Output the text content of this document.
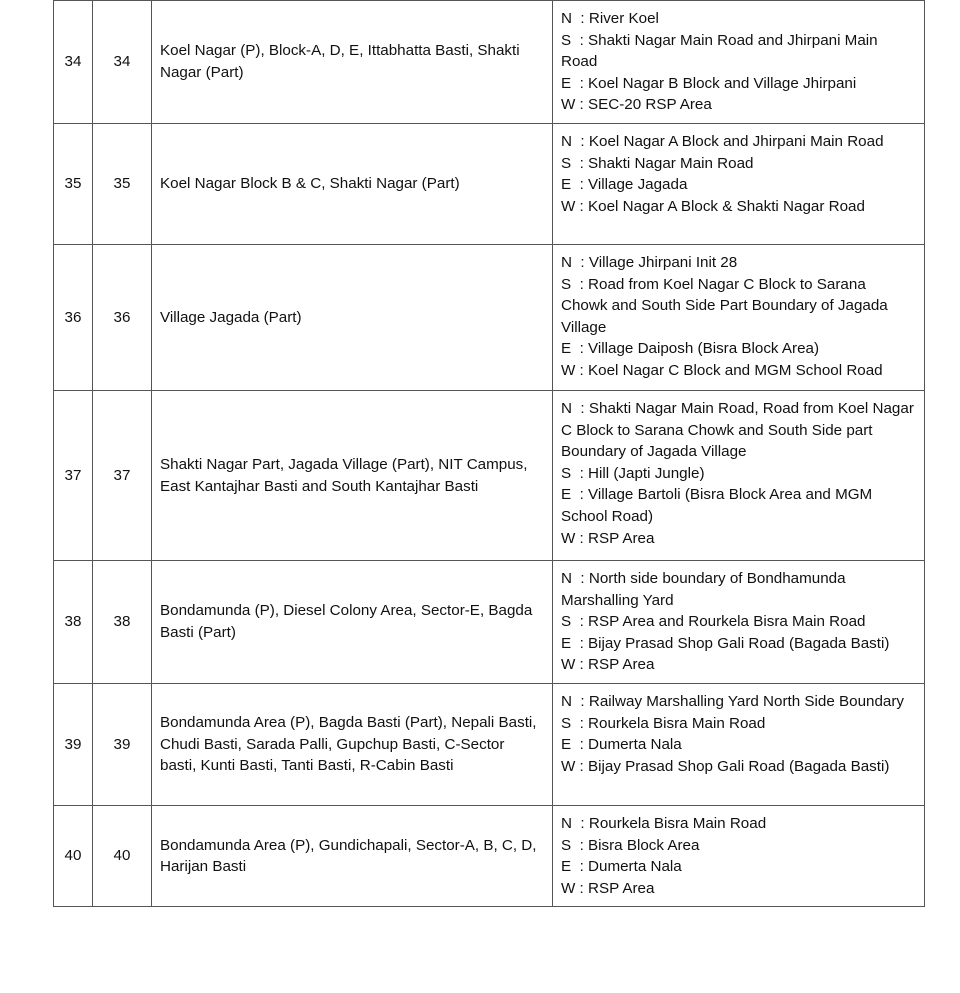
34	34	Koel Nagar (P), Block-A, D, E, Ittabhatta Basti, Shakti Nagar (Part)	N  : River Koel
S  : Shakti Nagar Main Road and Jhirpani Main Road
E  : Koel Nagar B Block and Village Jhirpani
W : SEC-20 RSP Area

35	35	Koel Nagar Block B & C, Shakti Nagar (Part)	N  : Koel Nagar A Block and Jhirpani Main Road
S  : Shakti Nagar Main Road
E  : Village Jagada
W : Koel Nagar A Block & Shakti Nagar Road

36	36	Village Jagada (Part)	N  : Village Jhirpani Init 28
S  : Road from Koel Nagar C Block to Sarana Chowk and South Side Part Boundary of Jagada Village
E  : Village Daiposh (Bisra Block Area)
W : Koel Nagar C Block and MGM School Road

37	37	Shakti Nagar Part, Jagada Village (Part), NIT Campus, East Kantajhar Basti and South Kantajhar Basti	N  : Shakti Nagar Main Road, Road from Koel Nagar C Block to Sarana Chowk and South Side part Boundary of Jagada Village
S  : Hill (Japti Jungle)
E  : Village Bartoli (Bisra Block Area and MGM School Road)
W : RSP Area

38	38	Bondamunda (P), Diesel Colony Area, Sector-E, Bagda Basti (Part)	N  : North side boundary of Bondhamunda Marshalling Yard
S  : RSP Area and Rourkela Bisra Main Road
E  : Bijay Prasad Shop Gali Road (Bagada Basti)
W : RSP Area

39	39	Bondamunda Area (P), Bagda Basti (Part), Nepali Basti, Chudi Basti, Sarada Palli, Gupchup Basti, C-Sector basti, Kunti Basti, Tanti Basti, R-Cabin Basti	N  : Railway Marshalling Yard North Side Boundary
S  : Rourkela Bisra Main Road
E  : Dumerta Nala
W : Bijay Prasad Shop Gali Road (Bagada Basti)

40	40	Bondamunda Area (P), Gundichapali, Sector-A, B, C, D, Harijan Basti	N  : Rourkela Bisra Main Road
S  : Bisra Block Area
E  : Dumerta Nala
W : RSP Area
